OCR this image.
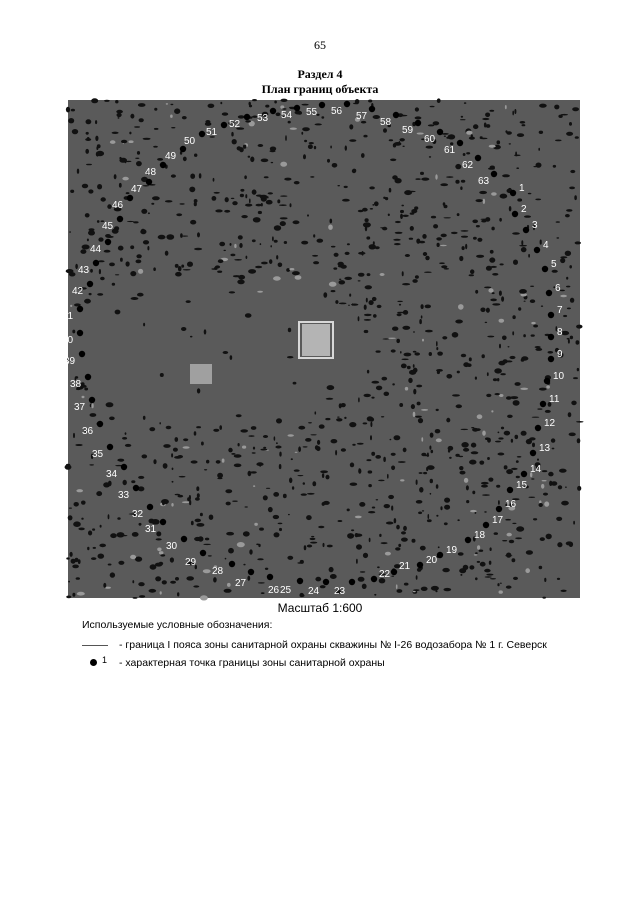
65
Раздел 4
План границ объекта
1
2
3
4
5
6
7
8
9
10
11
12
13
14
15
16
17
18
19
20
21
22
23
24
25
26
27
28
29
30
31
32
33
34
35
36
37
38
39
40
41
42
43
44
45
46
47
48
49
50
51
52
53 54 55 56 57
58
59
60
61
62
63
Масштаб 1:600
Используемые условные обозначения:
- граница I пояса зоны санитарной охраны скважины № I-26 водозабора № 1 г. Северск
1 - характерная точка границы зоны санитарной охраны
